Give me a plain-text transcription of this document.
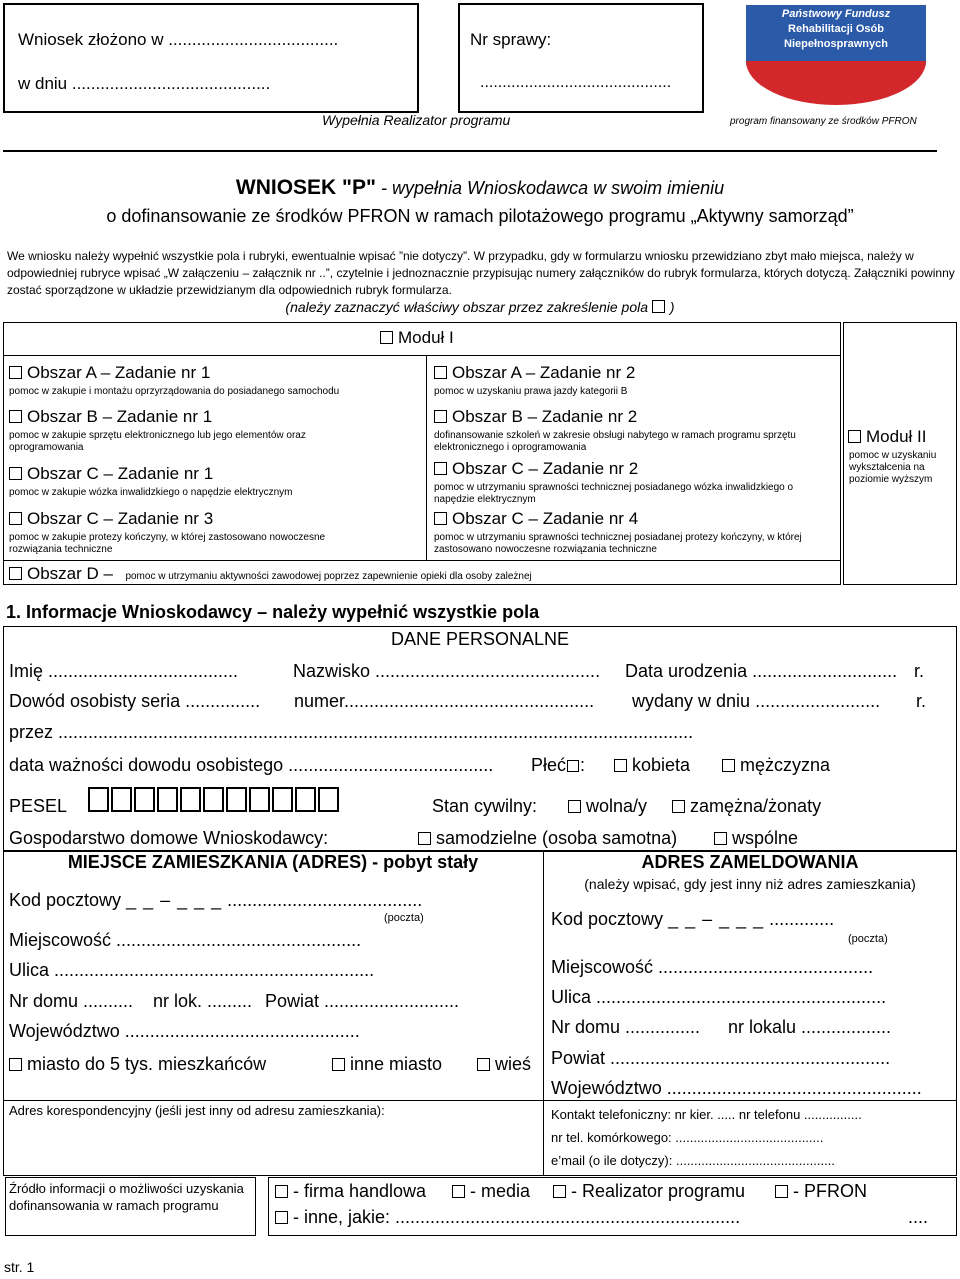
Wniosek złożono w ....................................
w dniu ..........................................
Nr sprawy:
...........................................
Wypełnia Realizator programu
Państwowy Fundusz
Rehabilitacji Osób
Niepełnosprawnych
program finansowany ze środków PFRON
WNIOSEK "P" - wypełnia Wnioskodawca w swoim imieniu
o dofinansowanie ze środków PFRON w ramach pilotażowego programu „Aktywny samorząd”
We wniosku należy wypełnić wszystkie pola i rubryki, ewentualnie wpisać ”nie dotyczy”. W przypadku, gdy w formularzu wniosku przewidziano zbyt mało miejsca, należy w odpowiedniej rubryce wpisać „W załączeniu – załącznik nr ..”, czytelnie i jednoznacznie przypisując numery załączników do rubryk formularza, których dotyczą. Załączniki powinny zostać sporządzone w układzie przewidzianym dla odpowiednich rubryk formularza.
(należy zaznaczyć właściwy obszar przez zakreślenie pola )
Moduł I
Obszar A – Zadanie nr 1
pomoc w zakupie i montażu oprzyrządowania do posiadanego samochodu
Obszar B – Zadanie nr 1
pomoc w zakupie sprzętu elektronicznego lub jego elementów oraz oprogramowania
Obszar C – Zadanie nr 1
pomoc w zakupie wózka inwalidzkiego o napędzie elektrycznym
Obszar C – Zadanie nr 3
pomoc w zakupie protezy kończyny, w której zastosowano nowoczesne rozwiązania techniczne
Obszar A – Zadanie nr 2
pomoc w uzyskaniu prawa jazdy kategorii B
Obszar B – Zadanie nr 2
dofinansowanie szkoleń w zakresie obsługi nabytego w ramach programu sprzętu elektronicznego i oprogramowania
Obszar C – Zadanie nr 2
pomoc w utrzymaniu sprawności technicznej posiadanego wózka inwalidzkiego o napędzie elektrycznym
Obszar C – Zadanie nr 4
pomoc w utrzymaniu sprawności technicznej posiadanej protezy kończyny, w której zastosowano nowoczesne rozwiązania techniczne
Obszar D – pomoc w utrzymaniu aktywności zawodowej poprzez zapewnienie opieki dla osoby zależnej
Moduł II
pomoc w uzyskaniu wykształcenia na poziomie wyższym
1. Informacje Wnioskodawcy – należy wypełnić wszystkie pola
DANE PERSONALNE
Imię ......................................	Nazwisko ............................................. Data urodzenia ............................. r.
Dowód osobisty seria ............... numer.................................................. wydany w dniu ......................... r.
przez ...............................................................................................................................
data ważności dowodu osobistego ......................................... Płeć :	kobieta	mężczyzna
PESEL	Stan cywilny:	wolna/y	zamężna/żonaty
Gospodarstwo domowe Wnioskodawcy:	samodzielne (osoba samotna)	wspólne
MIEJSCE ZAMIESZKANIA (ADRES) - pobyt stały
Kod pocztowy _ _ – _ _ _ .......................................
(poczta)
Miejscowość .................................................
Ulica ................................................................
Nr domu .......... nr lok. ......... Powiat ...........................
Województwo ...............................................
miasto do 5 tys. mieszkańców	inne miasto	wieś
ADRES ZAMELDOWANIA
(należy wpisać, gdy jest inny niż adres zamieszkania)
Kod pocztowy _ _ – _ _ _ .............
(poczta)
Miejscowość ...........................................
Ulica ..........................................................
Nr domu ............... nr lokalu ..................
Powiat ........................................................
Województwo ...................................................
Adres korespondencyjny (jeśli jest inny od adresu zamieszkania):	Kontakt telefoniczny: nr kier. ..... nr telefonu ................
nr tel. komórkowego: .........................................
e’mail (o ile dotyczy): ............................................
Źródło informacji o możliwości uzyskania dofinansowania w ramach programu
- firma handlowa	- media	- Realizator programu	- PFRON
- inne, jakie: .....................................................................	....
str. 1
